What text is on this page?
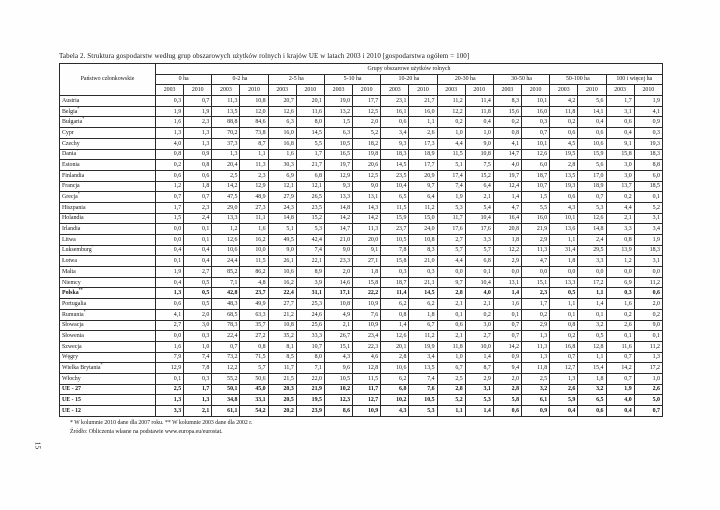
Tabela 2. Struktura gospodarstw według grup obszarowych użytków rolnych i krajów UE w latach 2003 i 2010 [gospodarstwa ogółem = 100]
Państwo członkowskie	Grupy obszarowe użytków rolnych																	
	0 ha		0-2 ha		2-5 ha		5-10 ha		10-20 ha		20-30 ha		30-50 ha		50-100 ha		100 i więcej ha	
	2003	2010	2003	2010	2003	2010	2003	2010	2003	2010	2003	2010	2003	2010	2003	2010	2003	2010
Austria	0,3	0,7	11,3	10,8	20,7	20,1	19,0	17,7	23,1	21,7	11,2	11,4	8,3	10,1	4,2	5,6	1,7	1,9
Belgia*	1,9	1,9	13,5	12,0	12,6	11,6	13,2	12,5	16,1	16,0	12,2	11,8	15,6	16,0	11,8	14,1	3,1	4,1
Bułgaria*	1,6	2,3	88,8	84,6	6,3	8,0	1,5	2,0	0,6	1,1	0,2	0,4	0,2	0,3	0,2	0,4	0,6	0,9
Cypr	1,3	1,3	70,2	73,8	16,0	14,5	6,3	5,2	3,4	2,6	1,0	1,0	0,8	0,7	0,6	0,6	0,4	0,3
Czechy	4,0	1,3	37,3	8,7	16,8	5,5	10,5	18,2	9,3	17,3	4,4	9,0	4,1	10,1	4,5	10,6	9,1	19,3
Dania*	0,8	0,9	1,3	1,1	1,6	1,7	16,5	19,8	18,3	18,9	11,5	10,8	14,7	12,6	19,5	15,9	15,8	18,3
Estonia	0,2	0,8	20,4	11,3	30,3	21,7	19,7	20,6	14,5	17,7	5,1	7,5	4,0	6,0	2,8	5,6	3,0	8,8
Finlandia	0,6	0,6	2,5	2,3	6,9	6,8	12,9	12,5	23,5	20,9	17,4	15,2	19,7	18,7	13,5	17,0	3,0	6,0
Francja	1,2	1,8	14,2	12,9	12,1	12,1	9,3	9,0	10,4	9,7	7,4	6,4	12,4	10,7	19,3	18,9	13,7	18,5
Grecja*	0,7	0,7	47,5	48,9	27,9	26,5	13,3	13,1	6,5	6,4	1,9	2,1	1,4	1,5	0,6	0,7	0,2	0,1
Hiszpania	1,7	2,3	29,0	27,3	24,3	23,5	14,8	14,3	11,5	11,2	5,3	5,4	4,7	5,5	4,3	5,3	4,4	5,2
Holandia	1,5	2,4	13,3	11,1	14,8	15,2	14,2	14,2	15,9	15,0	11,7	10,4	16,4	16,0	10,1	12,6	2,1	3,1
Irlandia	0,0	0,1	1,2	1,6	5,1	5,3	14,7	11,3	23,7	24,0	17,6	17,6	20,8	21,9	13,6	14,8	3,3	3,4
Litwa	0,0	0,1	12,6	16,2	49,5	42,4	21,0	20,0	10,5	10,8	2,7	3,3	1,8	2,9	1,1	2,4	0,8	1,9
Luksemburg*	0,4	0,4	10,6	10,0	9,0	7,4	9,0	9,1	7,8	8,3	5,7	5,7	12,2	11,3	31,4	29,5	13,9	18,3
Łotwa	0,1	0,4	24,4	11,5	26,1	22,1	23,3	27,1	15,8	21,0	4,4	6,8	2,9	4,7	1,8	3,3	1,2	3,1
Malta	1,9	2,7	85,2	86,2	10,6	8,9	2,0	1,8	0,3	0,3	0,0	0,1	0,0	0,0	0,0	0,0	0,0	0,0
Niemcy	0,4	0,5	7,1	4,8	16,2	3,9	14,6	15,8	18,7	21,1	9,7	10,4	13,1	15,1	13,3	17,2	6,9	11,2
Polska**	1,3	0,5	42,8	23,7	22,4	31,1	17,1	22,2	11,4	14,5	2,8	4,0	1,4	2,3	0,5	1,1	0,3	0,6
Portugalia	0,6	0,5	48,3	49,9	27,7	25,3	10,8	10,9	6,2	6,2	2,1	2,1	1,6	1,7	1,1	1,4	1,6	2,0
Rumunia*	4,1	2,0	68,5	63,3	21,2	24,6	4,9	7,6	0,8	1,8	0,1	0,2	0,1	0,2	0,1	0,1	0,2	0,2
Słowacja	2,7	3,0	78,3	35,7	10,8	25,6	2,1	10,9	1,4	6,7	0,6	3,0	0,7	2,9	0,8	3,2	2,6	9,0
Słowenia	0,0	0,3	22,4	27,2	35,2	33,3	26,7	23,4	12,6	11,2	2,1	2,7	0,7	1,3	0,2	0,5	0,1	0,1
Szwecja	1,6	1,0	0,7	0,8	8,1	10,7	15,1	22,3	20,1	19,9	11,8	10,0	14,2	11,3	16,8	12,8	11,6	11,2
Węgry	7,9	7,4	73,2	71,5	8,5	8,0	4,3	4,6	2,8	3,4	1,0	1,4	0,9	1,3	0,7	1,1	0,7	1,3
Wielka Brytania*	12,9	7,8	12,2	5,7	11,7	7,1	9,6	12,8	10,6	13,5	6,7	8,7	9,4	11,8	12,7	15,4	14,2	17,2
Włochy	0,1	0,3	55,2	50,6	21,5	22,0	10,5	11,5	6,2	7,4	2,5	2,9	2,0	2,5	1,3	1,8	0,7	1,0
UE - 27	2,5	1,7	50,1	45,0	20,3	21,9	10,2	11,7	6,8	7,6	2,8	3,1	2,8	3,2	2,6	3,2	1,9	2,6
UE - 15	1,3	1,3	34,8	33,1	20,5	19,5	12,3	12,7	10,2	10,5	5,2	5,3	5,8	6,1	5,9	6,5	4,0	5,0
UE - 12	3,3	2,1	61,1	54,2	20,2	23,9	8,6	10,9	4,3	5,3	1,1	1,4	0,6	0,9	0,4	0,6	0,4	0,7
* W kolumnie 2010 dane dla 2007 roku. ** W kolumnie 2003 dane dla 2002 r.
Źródło: Obliczenia własne na podstawie www.europa.eu/eurostat.
15
